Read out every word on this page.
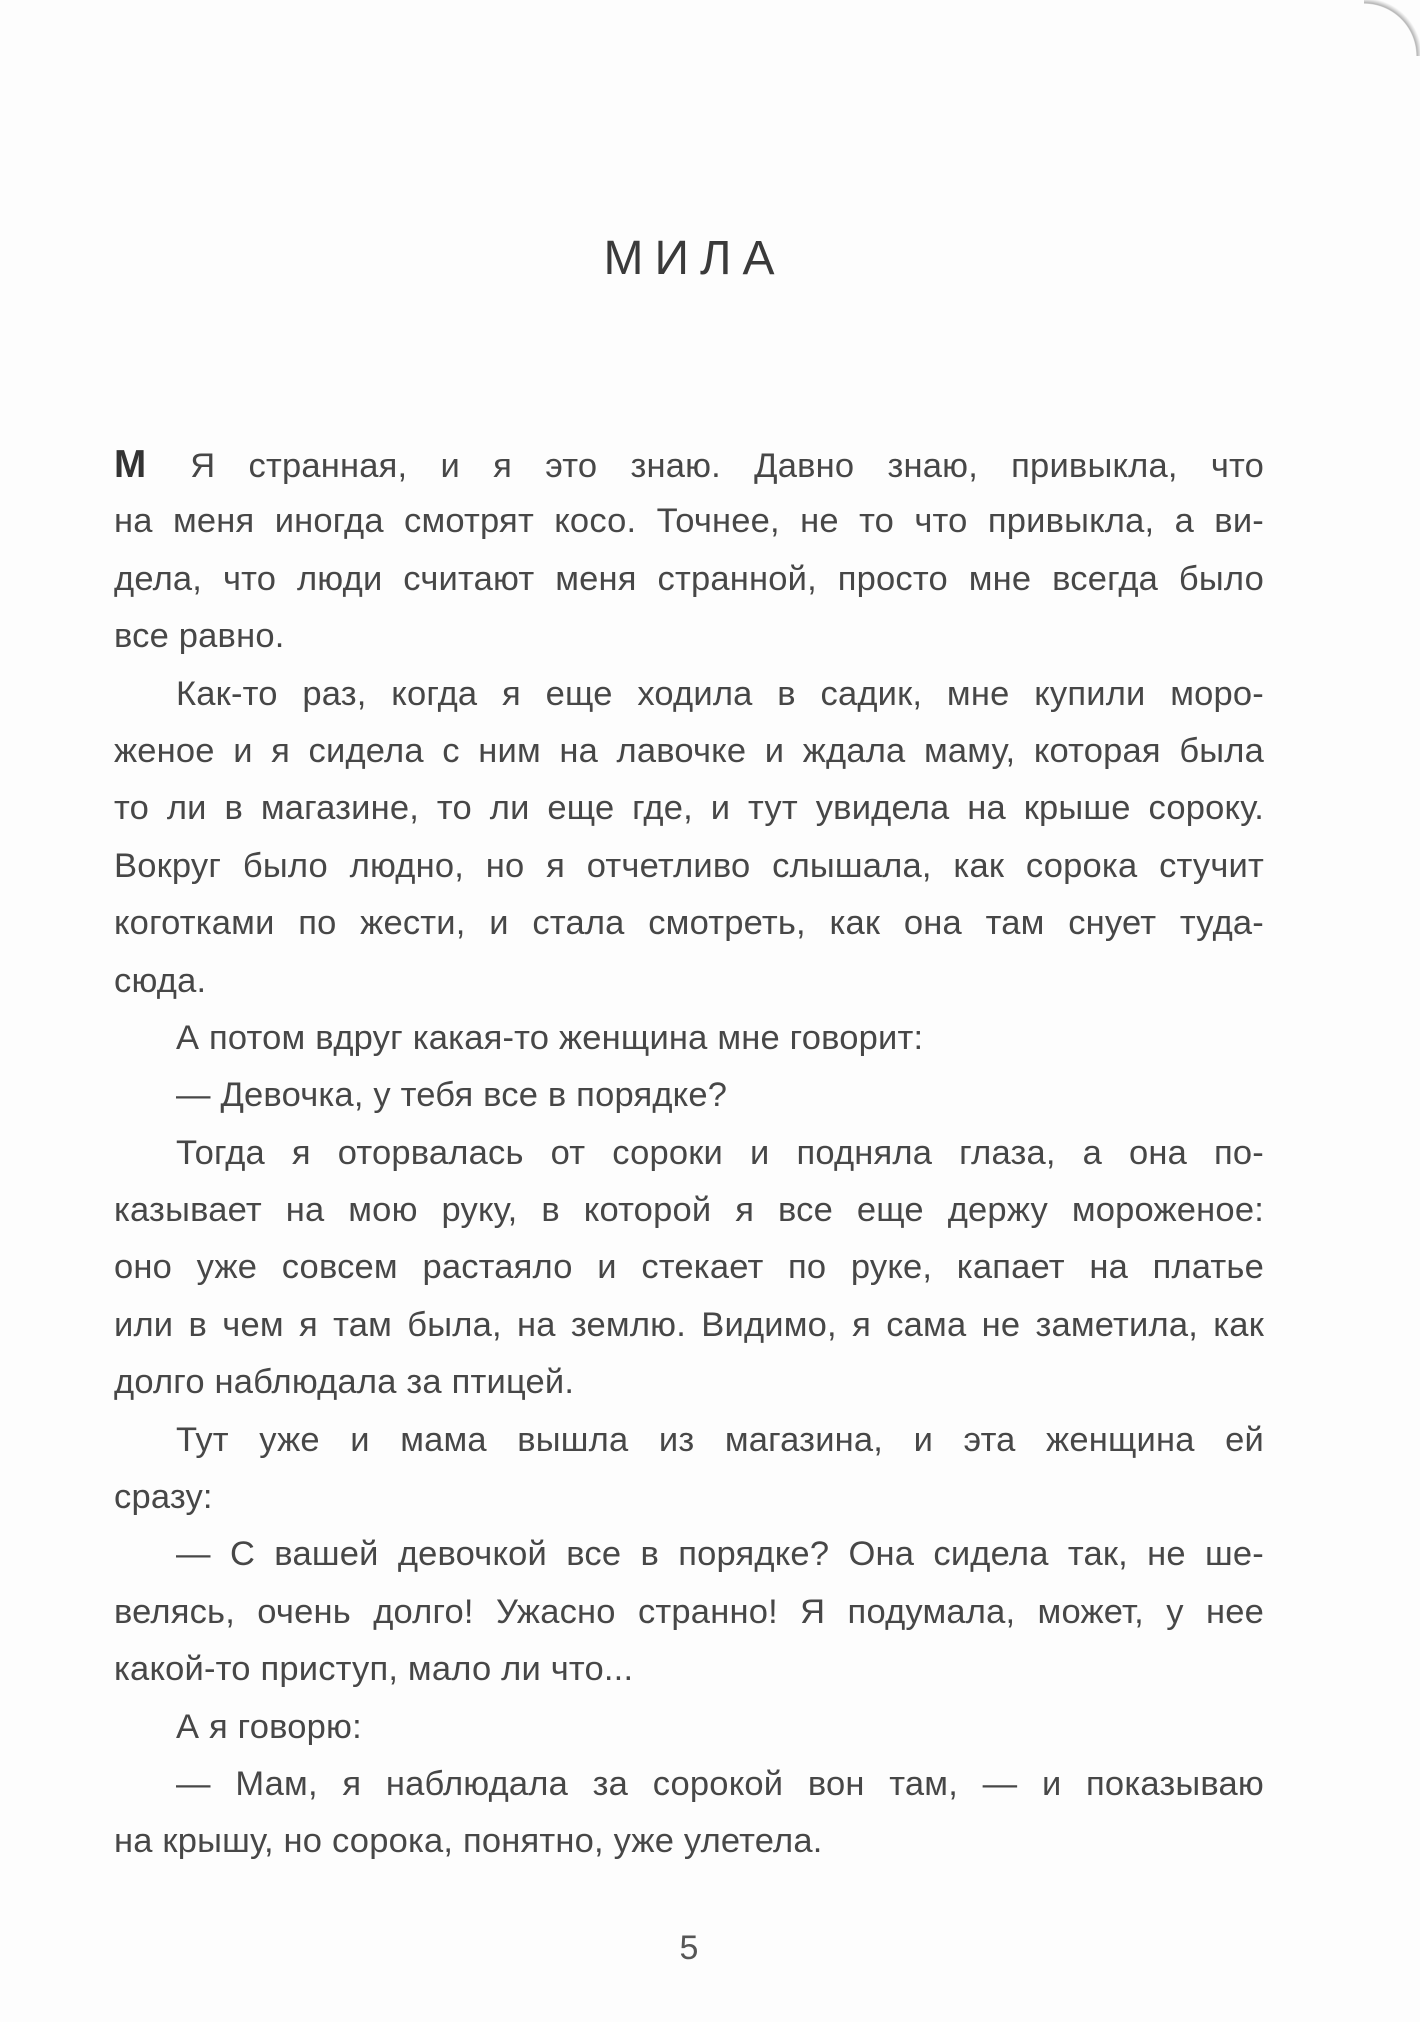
МИЛА
М Я странная, и я это знаю. Давно знаю, привыкла, что
на меня иногда смотрят косо. Точнее, не то что привыкла, а ви-
дела, что люди считают меня странной, просто мне всегда было
все равно.
Как-то раз, когда я еще ходила в садик, мне купили моро-
женое и я сидела с ним на лавочке и ждала маму, которая была
то ли в магазине, то ли еще где, и тут увидела на крыше сороку.
Вокруг было людно, но я отчетливо слышала, как сорока стучит
коготками по жести, и стала смотреть, как она там снует туда-
сюда.
А потом вдруг какая-то женщина мне говорит:
— Девочка, у тебя все в порядке?
Тогда я оторвалась от сороки и подняла глаза, а она по-
казывает на мою руку, в которой я все еще держу мороженое:
оно уже совсем растаяло и стекает по руке, капает на платье
или в чем я там была, на землю. Видимо, я сама не заметила, как
долго наблюдала за птицей.
Тут уже и мама вышла из магазина, и эта женщина ей
сразу:
— С вашей девочкой все в порядке? Она сидела так, не ше-
велясь, очень долго! Ужасно странно! Я подумала, может, у нее
какой-то приступ, мало ли что...
А я говорю:
— Мам, я наблюдала за сорокой вон там, — и показываю
на крышу, но сорока, понятно, уже улетела.
5
